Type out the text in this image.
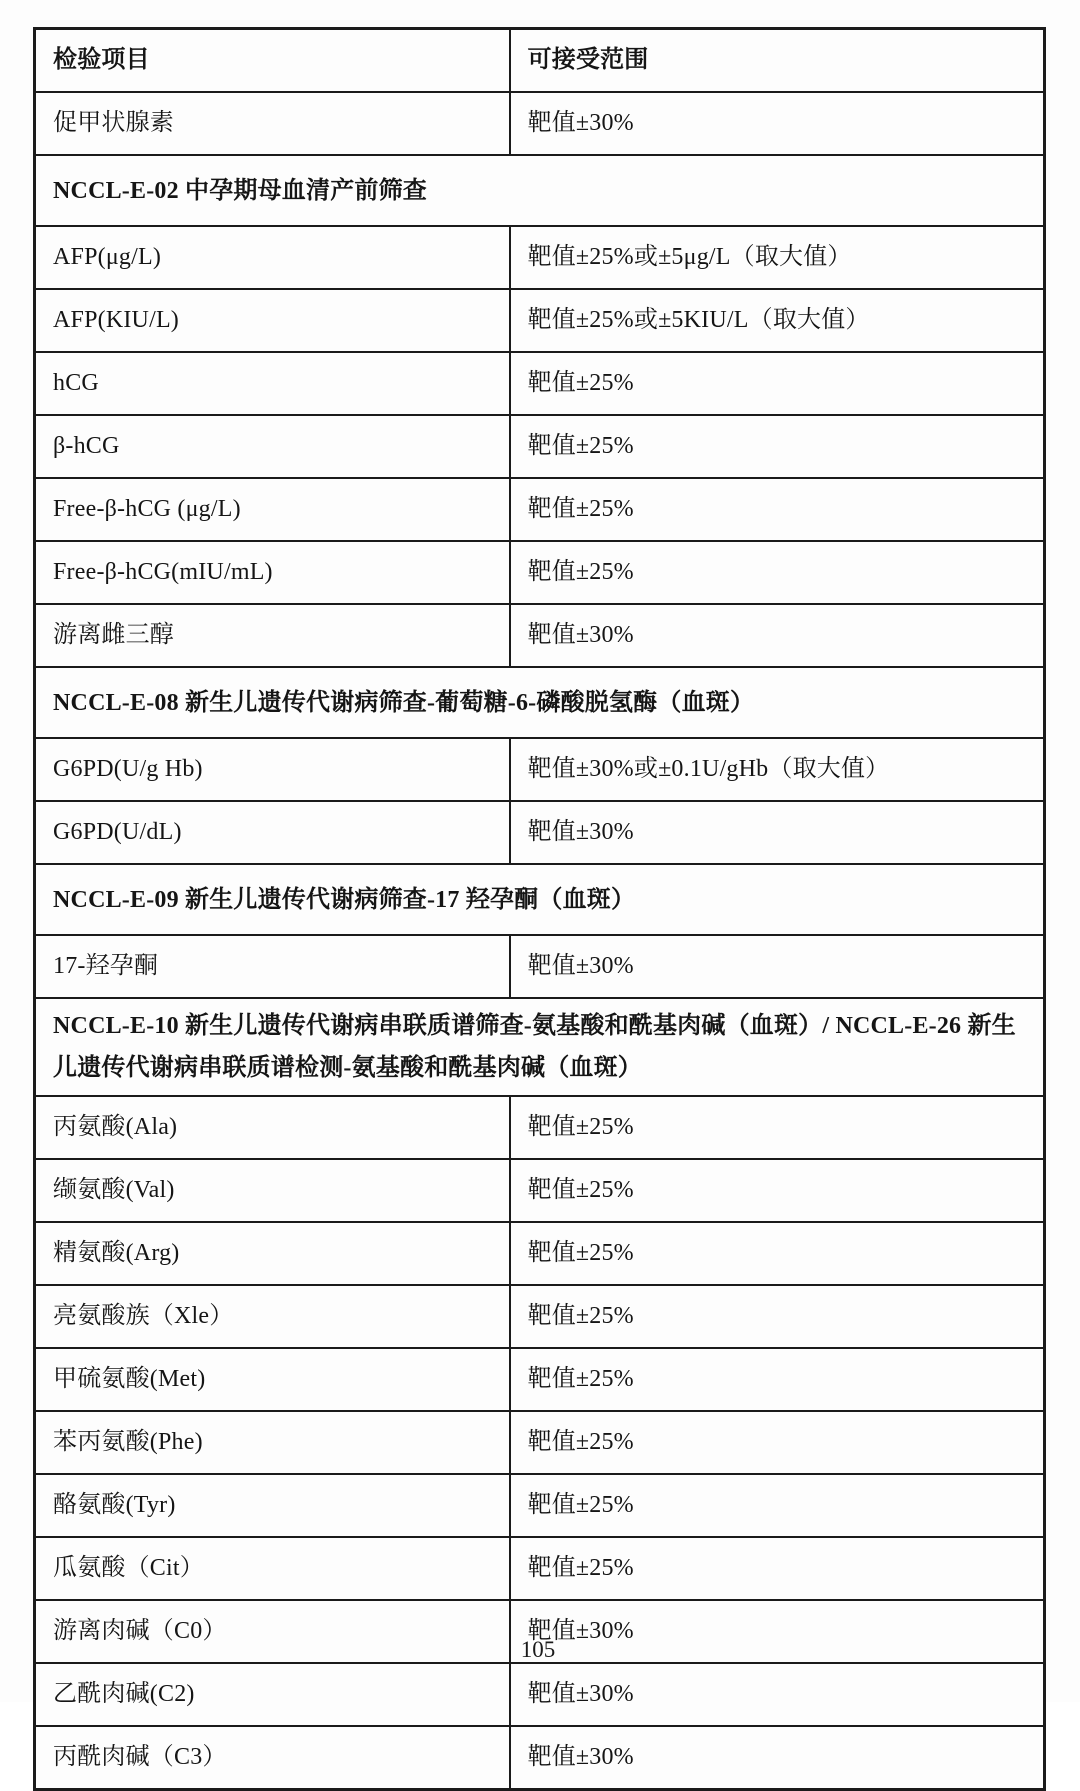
检验项目	可接受范围
促甲状腺素	靶值±30%
NCCL-E-02 中孕期母血清产前筛查	
AFP(μg/L)	靶值±25%或±5μg/L（取大值）
AFP(KIU/L)	靶值±25%或±5KIU/L（取大值）
hCG	靶值±25%
β-hCG	靶值±25%
Free-β-hCG (μg/L)	靶值±25%
Free-β-hCG(mIU/mL)	靶值±25%
游离雌三醇	靶值±30%
NCCL-E-08 新生儿遗传代谢病筛查-葡萄糖-6-磷酸脱氢酶（血斑）	
G6PD(U/g Hb)	靶值±30%或±0.1U/gHb（取大值）
G6PD(U/dL)	靶值±30%
NCCL-E-09 新生儿遗传代谢病筛查-17 羟孕酮（血斑）	
17-羟孕酮	靶值±30%
NCCL-E-10 新生儿遗传代谢病串联质谱筛查-氨基酸和酰基肉碱（血斑）/ NCCL-E-26 新生儿遗传代谢病串联质谱检测-氨基酸和酰基肉碱（血斑）	
丙氨酸(Ala)	靶值±25%
缬氨酸(Val)	靶值±25%
精氨酸(Arg)	靶值±25%
亮氨酸族（Xle）	靶值±25%
甲硫氨酸(Met)	靶值±25%
苯丙氨酸(Phe)	靶值±25%
酪氨酸(Tyr)	靶值±25%
瓜氨酸（Cit）	靶值±25%
游离肉碱（C0）	靶值±30%
乙酰肉碱(C2)	靶值±30%
丙酰肉碱（C3）	靶值±30%
105
